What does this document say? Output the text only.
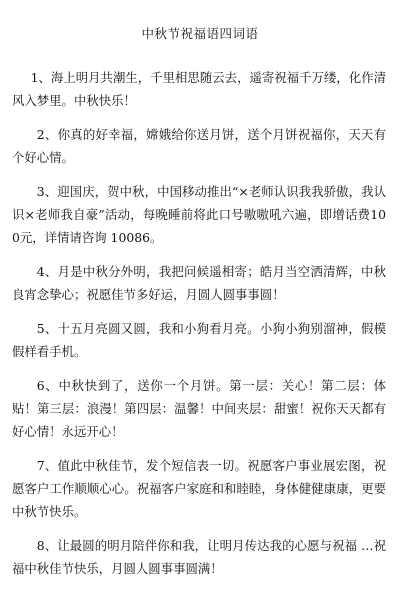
中秋节祝福语四词语

1、海上明月共潮生，千里相思随云去，遥寄祝福千万缕，化作清风入梦里。中秋快乐！

2、你真的好幸福，嫦娥给你送月饼，送个月饼祝福你，天天有个好心情。

3、迎国庆，贺中秋，中国移动推出“×老师认识我我骄傲，我认识×老师我自豪”活动，每晚睡前将此口号嗷嗷吼六遍，即增话费100元，详情请咨询 10086。

4、月是中秋分外明，我把问候遥相寄；皓月当空洒清辉，中秋良宵念挚心；祝愿佳节多好运，月圆人圆事事圆！

5、十五月亮圆又圆，我和小狗看月亮。小狗小狗别溜神，假模假样看手机。

6、中秋快到了，送你一个月饼。第一层：关心！第二层：体贴！第三层：浪漫！第四层：温馨！中间夹层：甜蜜！祝你天天都有好心情！永远开心！

7、值此中秋佳节，发个短信表一切。祝愿客户事业展宏图，祝愿客户工作顺顺心心。祝福客户家庭和和睦睦，身体健健康康，更要中秋节快乐。

8、让最圆的明月陪伴你和我，让明月传达我的心愿与祝福 …祝福中秋佳节快乐，月圆人圆事事圆满！
